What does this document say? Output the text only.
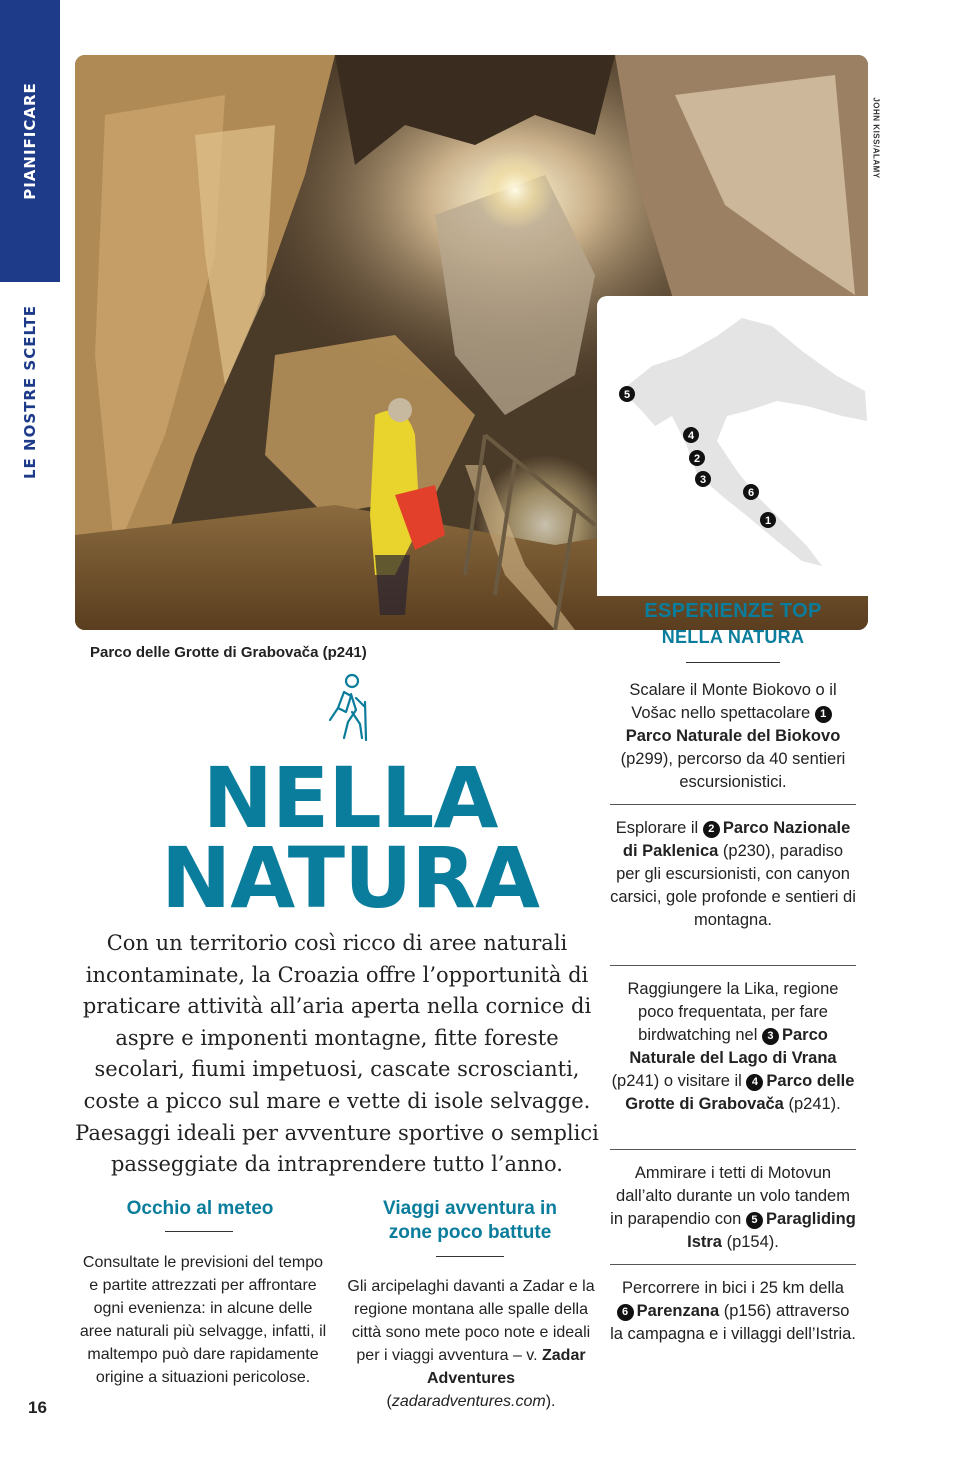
PIANIFICARE
LE NOSTRE SCELTE
JOHN KISS/ALAMY
5
4
2
3
6
1
Parco delle Grotte di Grabovača (p241)
NELLA
NATURA
Con un territorio così ricco di aree naturali incontaminate, la Croazia offre l’opportunità di praticare attività all’aria aperta nella cornice di aspre e imponenti montagne, fitte foreste secolari, fiumi impetuosi, cascate scroscianti, coste a picco sul mare e vette di isole selvagge. Paesaggi ideali per avventure sportive o semplici passeggiate da intraprendere tutto l’anno.
Occhio al meteo
Consultate le previsioni del tempo e partite attrezzati per affrontare ogni evenienza: in alcune delle aree naturali più selvagge, infatti, il maltempo può dare rapidamente origine a situazioni pericolose.
Viaggi avventura in
zone poco battute
Gli arcipelaghi davanti a Zadar e la regione montana alle spalle della città sono mete poco note e ideali per i viaggi avventura – v. Zadar Adventures (zadaradventures.com).
ESPERIENZE TOP
NELLA NATURA
Scalare il Monte Biokovo o il Vošac nello spettacolare 1Parco Naturale del Biokovo (p299), percorso da 40 sentieri escursionistici.
Esplorare il 2 Parco Nazionale di Paklenica (p230), paradiso per gli escursionisti, con canyon carsici, gole profonde e sentieri di montagna.
Raggiungere la Lika, regione poco frequentata, per fare birdwatching nel 3 Parco Naturale del Lago di Vrana (p241) o visitare il 4 Parco delle Grotte di Grabovača (p241).
Ammirare i tetti di Motovun dall’alto durante un volo tandem in parapendio con 5 Paragliding Istra (p154).
Percorrere in bici i 25 km della 6 Parenzana (p156) attraverso la campagna e i villaggi dell’Istria.
16
